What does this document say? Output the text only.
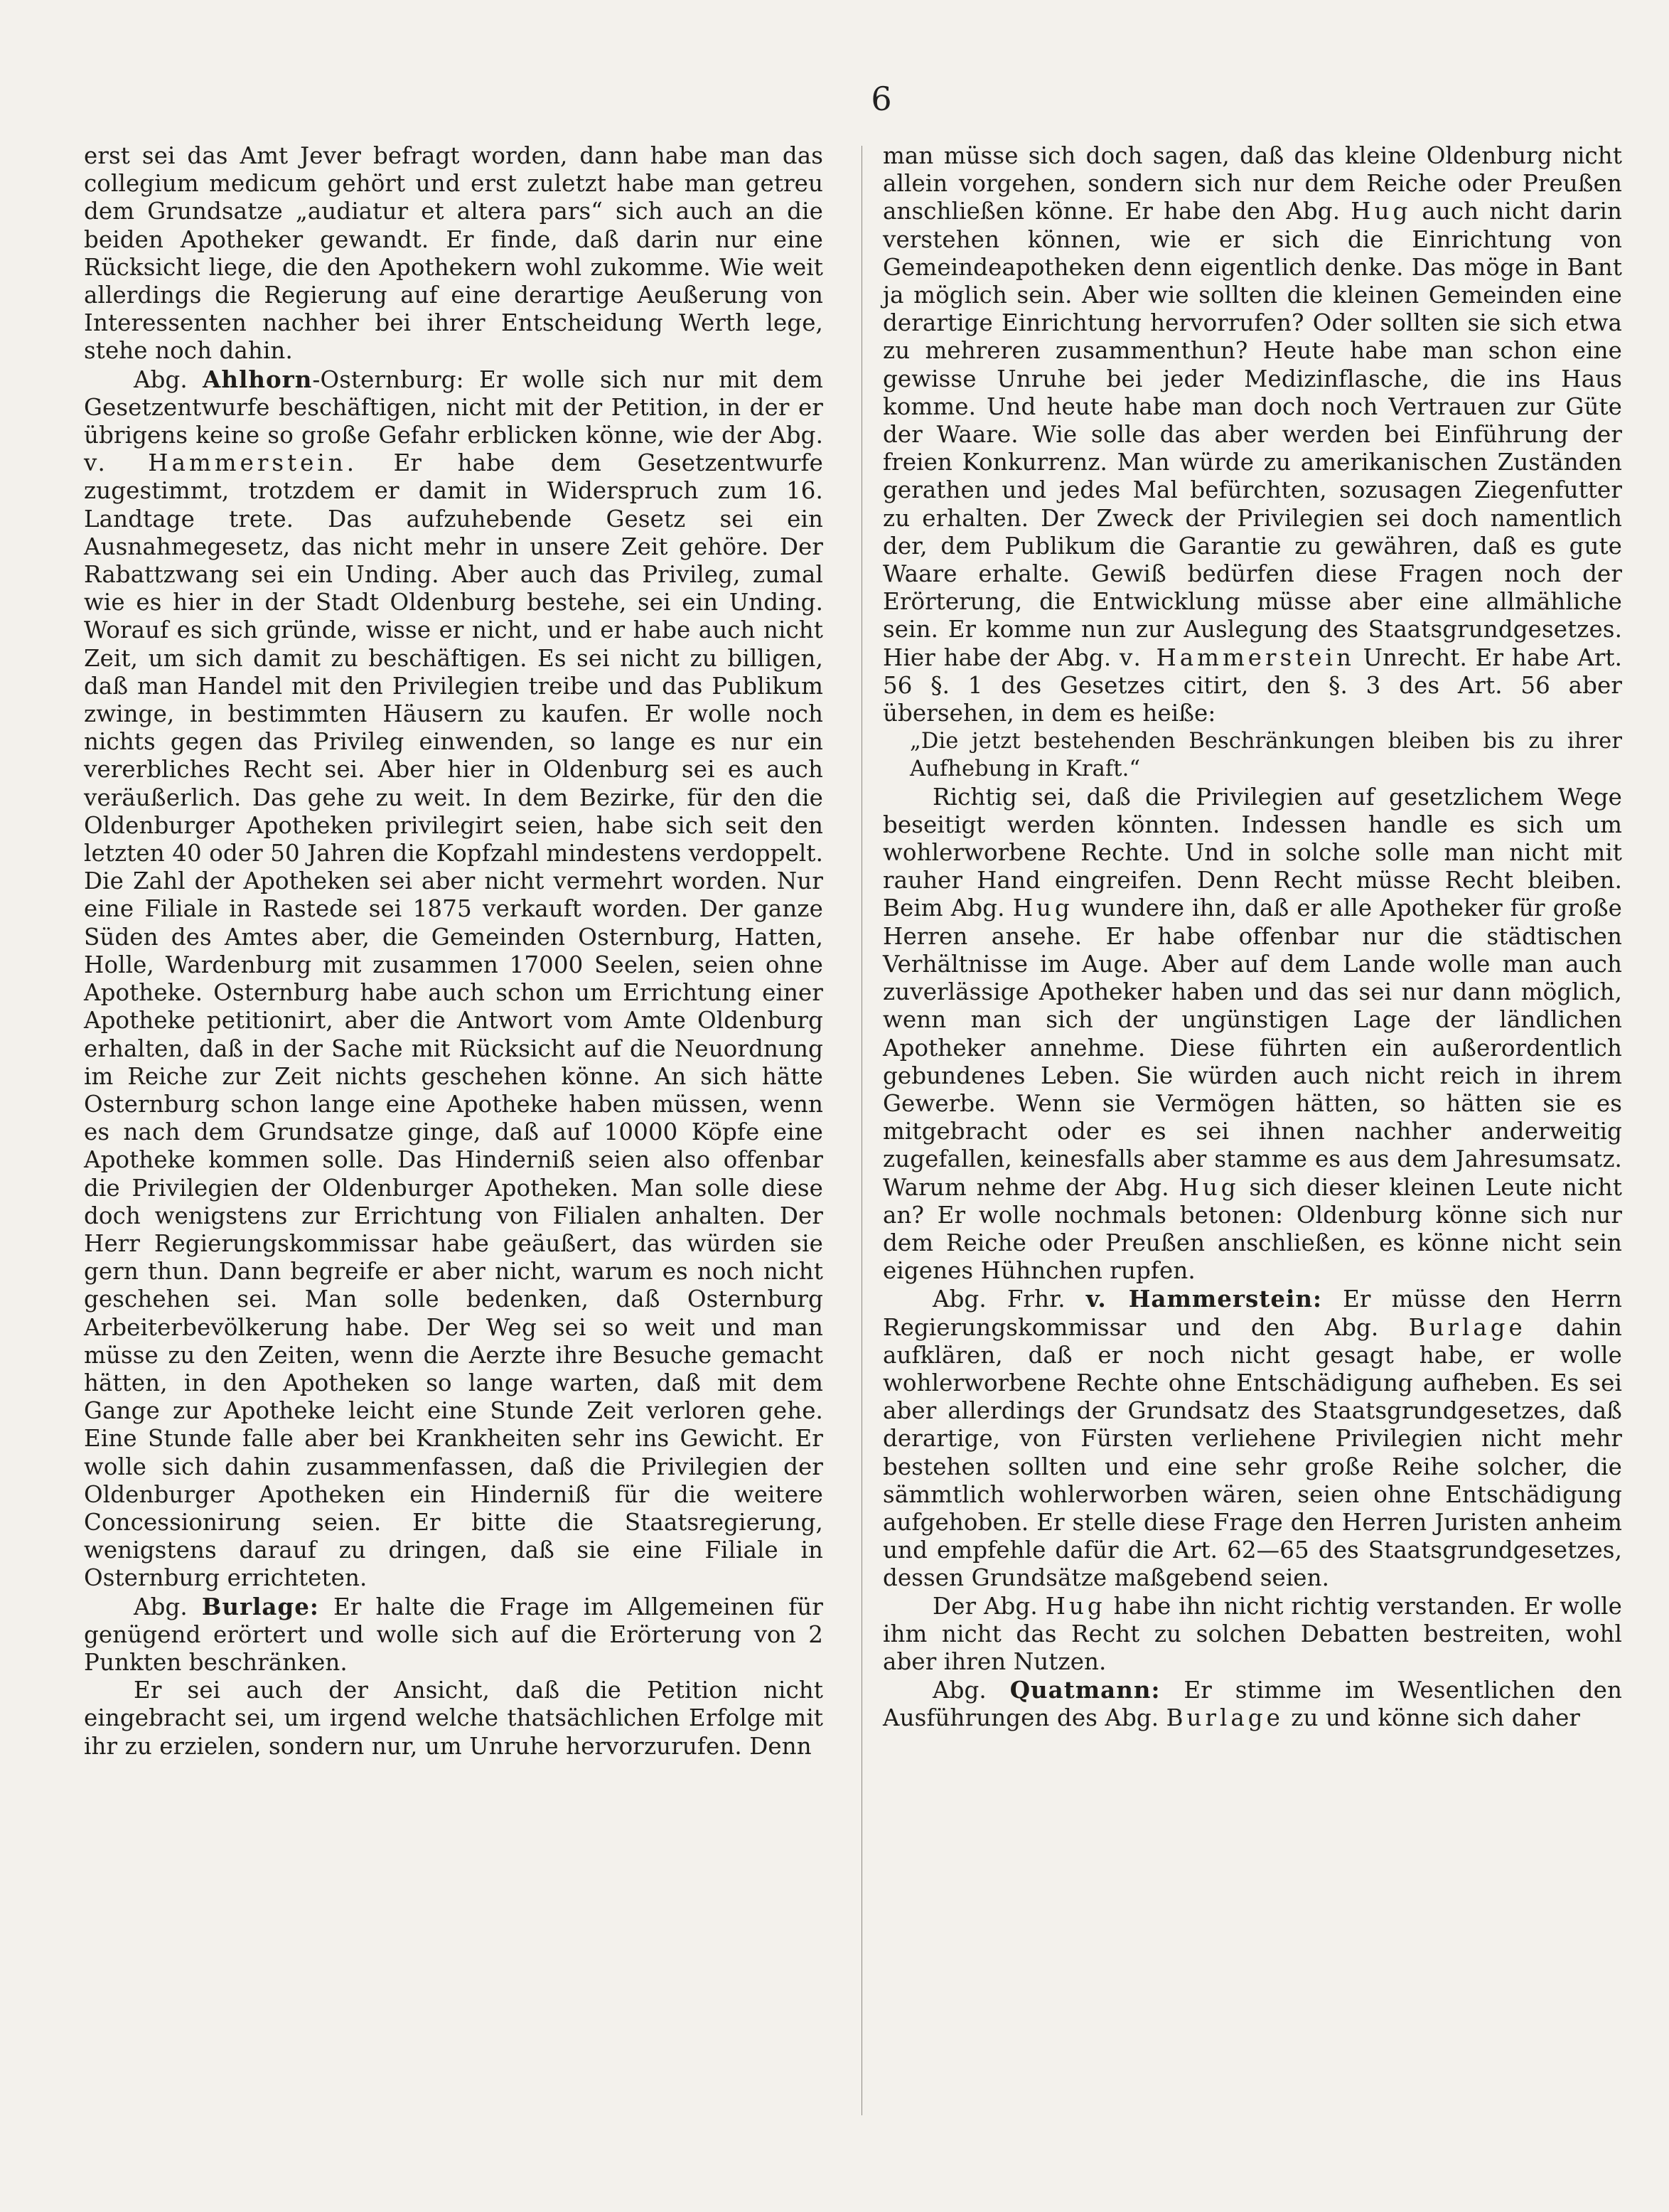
6

erst sei das Amt Jever befragt worden, dann habe man das collegium medicum gehört und erst zuletzt habe man getreu dem Grundsatze „audiatur et altera pars“ sich auch an die beiden Apotheker gewandt. Er finde, daß darin nur eine Rücksicht liege, die den Apothekern wohl zukomme. Wie weit allerdings die Regierung auf eine derartige Aeußerung von Interessenten nachher bei ihrer Entscheidung Werth lege, stehe noch dahin.

Abg. Ahlhorn-Osternburg: Er wolle sich nur mit dem Gesetzentwurfe beschäftigen, nicht mit der Petition, in der er übrigens keine so große Gefahr erblicken könne, wie der Abg. v. Hammerstein. Er habe dem Gesetzentwurfe zugestimmt, trotzdem er damit in Widerspruch zum 16. Landtage trete. Das aufzuhebende Gesetz sei ein Ausnahmegesetz, das nicht mehr in unsere Zeit gehöre. Der Rabattzwang sei ein Unding. Aber auch das Privileg, zumal wie es hier in der Stadt Oldenburg bestehe, sei ein Unding. Worauf es sich gründe, wisse er nicht, und er habe auch nicht Zeit, um sich damit zu beschäftigen. Es sei nicht zu billigen, daß man Handel mit den Privilegien treibe und das Publikum zwinge, in bestimmten Häusern zu kaufen. Er wolle noch nichts gegen das Privileg einwenden, so lange es nur ein vererbliches Recht sei. Aber hier in Oldenburg sei es auch veräußerlich. Das gehe zu weit. In dem Bezirke, für den die Oldenburger Apotheken privilegirt seien, habe sich seit den letzten 40 oder 50 Jahren die Kopfzahl mindestens verdoppelt. Die Zahl der Apotheken sei aber nicht vermehrt worden. Nur eine Filiale in Rastede sei 1875 verkauft worden. Der ganze Süden des Amtes aber, die Gemeinden Osternburg, Hatten, Holle, Wardenburg mit zusammen 17000 Seelen, seien ohne Apotheke. Osternburg habe auch schon um Errichtung einer Apotheke petitionirt, aber die Antwort vom Amte Oldenburg erhalten, daß in der Sache mit Rücksicht auf die Neuordnung im Reiche zur Zeit nichts geschehen könne. An sich hätte Osternburg schon lange eine Apotheke haben müssen, wenn es nach dem Grundsatze ginge, daß auf 10000 Köpfe eine Apotheke kommen solle. Das Hinderniß seien also offenbar die Privilegien der Oldenburger Apotheken. Man solle diese doch wenigstens zur Errichtung von Filialen anhalten. Der Herr Regierungskommissar habe geäußert, das würden sie gern thun. Dann begreife er aber nicht, warum es noch nicht geschehen sei. Man solle bedenken, daß Osternburg Arbeiterbevölkerung habe. Der Weg sei so weit und man müsse zu den Zeiten, wenn die Aerzte ihre Besuche gemacht hätten, in den Apotheken so lange warten, daß mit dem Gange zur Apotheke leicht eine Stunde Zeit verloren gehe. Eine Stunde falle aber bei Krankheiten sehr ins Gewicht. Er wolle sich dahin zusammenfassen, daß die Privilegien der Oldenburger Apotheken ein Hinderniß für die weitere Concessionirung seien. Er bitte die Staatsregierung, wenigstens darauf zu dringen, daß sie eine Filiale in Osternburg errichteten.

Abg. Burlage: Er halte die Frage im Allgemeinen für genügend erörtert und wolle sich auf die Erörterung von 2 Punkten beschränken.

Er sei auch der Ansicht, daß die Petition nicht eingebracht sei, um irgend welche thatsächlichen Erfolge mit ihr zu erzielen, sondern nur, um Unruhe hervorzurufen. Denn

man müsse sich doch sagen, daß das kleine Oldenburg nicht allein vorgehen, sondern sich nur dem Reiche oder Preußen anschließen könne. Er habe den Abg. Hug auch nicht darin verstehen können, wie er sich die Einrichtung von Gemeindeapotheken denn eigentlich denke. Das möge in Bant ja möglich sein. Aber wie sollten die kleinen Gemeinden eine derartige Einrichtung hervorrufen? Oder sollten sie sich etwa zu mehreren zusammenthun? Heute habe man schon eine gewisse Unruhe bei jeder Medizinflasche, die ins Haus komme. Und heute habe man doch noch Vertrauen zur Güte der Waare. Wie solle das aber werden bei Einführung der freien Konkurrenz. Man würde zu amerikanischen Zuständen gerathen und jedes Mal befürchten, sozusagen Ziegenfutter zu erhalten. Der Zweck der Privilegien sei doch namentlich der, dem Publikum die Garantie zu gewähren, daß es gute Waare erhalte. Gewiß bedürfen diese Fragen noch der Erörterung, die Entwicklung müsse aber eine allmähliche sein. Er komme nun zur Auslegung des Staatsgrundgesetzes. Hier habe der Abg. v. Hammerstein Unrecht. Er habe Art. 56 §. 1 des Gesetzes citirt, den §. 3 des Art. 56 aber übersehen, in dem es heiße:

„Die jetzt bestehenden Beschränkungen bleiben bis zu ihrer Aufhebung in Kraft.“

Richtig sei, daß die Privilegien auf gesetzlichem Wege beseitigt werden könnten. Indessen handle es sich um wohlerworbene Rechte. Und in solche solle man nicht mit rauher Hand eingreifen. Denn Recht müsse Recht bleiben. Beim Abg. Hug wundere ihn, daß er alle Apotheker für große Herren ansehe. Er habe offenbar nur die städtischen Verhältnisse im Auge. Aber auf dem Lande wolle man auch zuverlässige Apotheker haben und das sei nur dann möglich, wenn man sich der ungünstigen Lage der ländlichen Apotheker annehme. Diese führten ein außerordentlich gebundenes Leben. Sie würden auch nicht reich in ihrem Gewerbe. Wenn sie Vermögen hätten, so hätten sie es mitgebracht oder es sei ihnen nachher anderweitig zugefallen, keinesfalls aber stamme es aus dem Jahresumsatz. Warum nehme der Abg. Hug sich dieser kleinen Leute nicht an? Er wolle nochmals betonen: Oldenburg könne sich nur dem Reiche oder Preußen anschließen, es könne nicht sein eigenes Hühnchen rupfen.

Abg. Frhr. v. Hammerstein: Er müsse den Herrn Regierungskommissar und den Abg. Burlage dahin aufklären, daß er noch nicht gesagt habe, er wolle wohlerworbene Rechte ohne Entschädigung aufheben. Es sei aber allerdings der Grundsatz des Staatsgrundgesetzes, daß derartige, von Fürsten verliehene Privilegien nicht mehr bestehen sollten und eine sehr große Reihe solcher, die sämmtlich wohlerworben wären, seien ohne Entschädigung aufgehoben. Er stelle diese Frage den Herren Juristen anheim und empfehle dafür die Art. 62—65 des Staatsgrundgesetzes, dessen Grundsätze maßgebend seien.

Der Abg. Hug habe ihn nicht richtig verstanden. Er wolle ihm nicht das Recht zu solchen Debatten bestreiten, wohl aber ihren Nutzen.

Abg. Quatmann: Er stimme im Wesentlichen den Ausführungen des Abg. Burlage zu und könne sich daher
